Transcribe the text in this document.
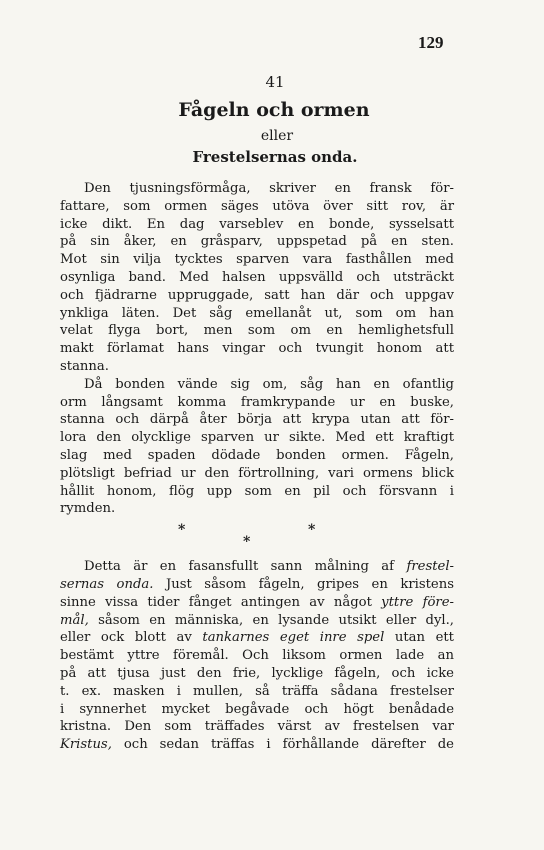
129
41
Fågeln och ormen
eller
Frestelsernas onda.
Den tjusningsförmåga, skriver en fransk för-
fattare, som ormen säges utöva över sitt rov, är
icke dikt. En dag varseblev en bonde, sysselsatt
på sin åker, en gråsparv, uppspetad på en sten.
Mot sin vilja tycktes sparven vara fasthållen med
osynliga band. Med halsen uppsvälld och utsträckt
och fjädrarne uppruggade, satt han där och uppgav
ynkliga läten. Det såg emellanåt ut, som om han
velat flyga bort, men som om en hemlighetsfull
makt förlamat hans vingar och tvungit honom att
stanna.
Då bonden vände sig om, såg han en ofantlig
orm långsamt komma framkrypande ur en buske,
stanna och därpå åter börja att krypa utan att för-
lora den olycklige sparven ur sikte. Med ett kraftigt
slag med spaden dödade bonden ormen. Fågeln,
plötsligt befriad ur den förtrollning, vari ormens blick
hållit honom, flög upp som en pil och försvann i
rymden.
*	*
*
Detta är en fasansfullt sann målning af frestel-
sernas onda. Just såsom fågeln, gripes en kristens
sinne vissa tider fånget antingen av något yttre före-
mål, såsom en människa, en lysande utsikt eller dyl.,
eller ock blott av tankarnes eget inre spel utan ett
bestämt yttre föremål. Och liksom ormen lade an
på att tjusa just den frie, lycklige fågeln, och icke
t. ex. masken i mullen, så träffa sådana frestelser
i synnerhet mycket begåvade och högt benådade
kristna. Den som träffades värst av frestelsen var
Kristus, och sedan träffas i förhållande därefter de
